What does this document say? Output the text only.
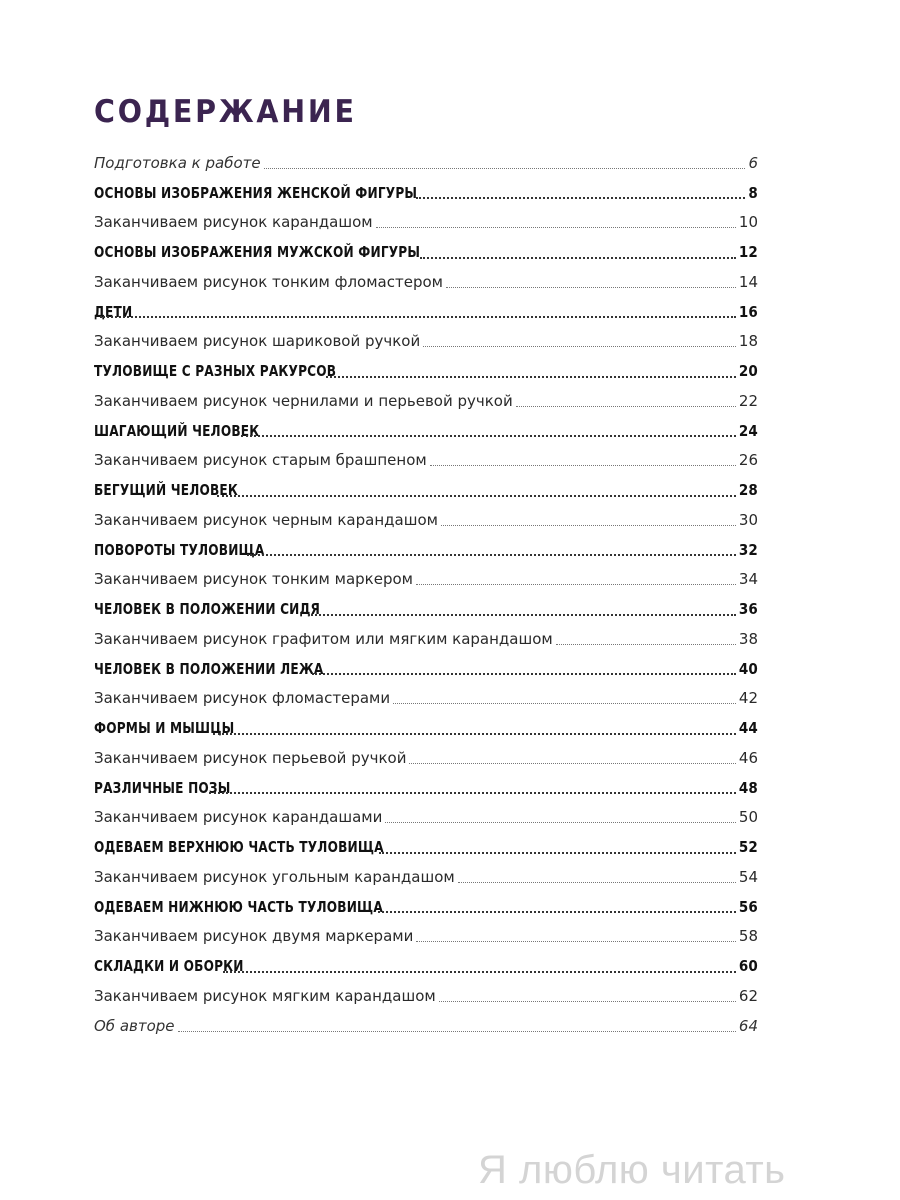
СОДЕРЖАНИЕ
Подготовка к работе	6
ОСНОВЫ ИЗОБРАЖЕНИЯ ЖЕНСКОЙ ФИГУРЫ	8
Заканчиваем рисунок карандашом	10
ОСНОВЫ ИЗОБРАЖЕНИЯ МУЖСКОЙ ФИГУРЫ	12
Заканчиваем рисунок тонким фломастером	14
ДЕТИ	16
Заканчиваем рисунок шариковой ручкой	18
ТУЛОВИЩЕ С РАЗНЫХ РАКУРСОВ	20
Заканчиваем рисунок чернилами и перьевой ручкой	22
ШАГАЮЩИЙ ЧЕЛОВЕК	24
Заканчиваем рисунок старым брашпеном	26
БЕГУЩИЙ ЧЕЛОВЕК	28
Заканчиваем рисунок черным карандашом	30
ПОВОРОТЫ ТУЛОВИЩА	32
Заканчиваем рисунок тонким маркером	34
ЧЕЛОВЕК В ПОЛОЖЕНИИ СИДЯ	36
Заканчиваем рисунок графитом или мягким карандашом	38
ЧЕЛОВЕК В ПОЛОЖЕНИИ ЛЕЖА	40
Заканчиваем рисунок фломастерами	42
ФОРМЫ И МЫШЦЫ	44
Заканчиваем рисунок перьевой ручкой	46
РАЗЛИЧНЫЕ ПОЗЫ	48
Заканчиваем рисунок карандашами	50
ОДЕВАЕМ ВЕРХНЮЮ ЧАСТЬ ТУЛОВИЩА	52
Заканчиваем рисунок угольным карандашом	54
ОДЕВАЕМ НИЖНЮЮ ЧАСТЬ ТУЛОВИЩА	56
Заканчиваем рисунок двумя маркерами	58
СКЛАДКИ И ОБОРКИ	60
Заканчиваем рисунок мягким карандашом	62
Об авторе	64
Я люблю читать
